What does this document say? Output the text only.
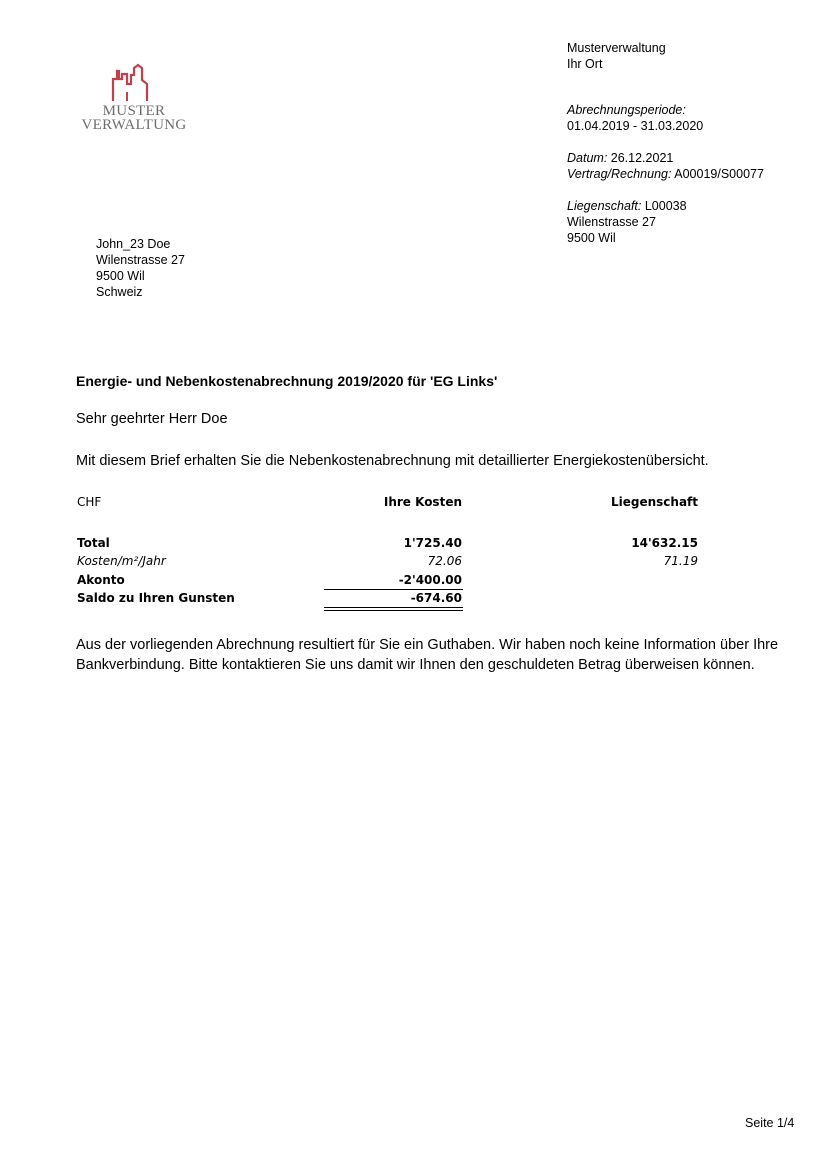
MUSTER
VERWALTUNG
Musterverwaltung
Ihr Ort
Abrechnungsperiode:
01.04.2019 - 31.03.2020
Datum: 26.12.2021
Vertrag/Rechnung: A00019/S00077
Liegenschaft: L00038
Wilenstrasse 27
9500 Wil
John_23 Doe
Wilenstrasse 27
9500 Wil
Schweiz
Energie- und Nebenkostenabrechnung 2019/2020 für 'EG Links'
Sehr geehrter Herr Doe
Mit diesem Brief erhalten Sie die Nebenkostenabrechnung mit detaillierter Energiekostenübersicht.
CHF	Ihre Kosten	Liegenschaft
Total	1'725.40	14'632.15
Kosten/m²/Jahr	72.06	71.19
Akonto	-2'400.00
Saldo zu Ihren Gunsten	-674.60
Aus der vorliegenden Abrechnung resultiert für Sie ein Guthaben. Wir haben noch keine Information über Ihre Bankverbindung. Bitte kontaktieren Sie uns damit wir Ihnen den geschuldeten Betrag überweisen können.
Seite 1/4
